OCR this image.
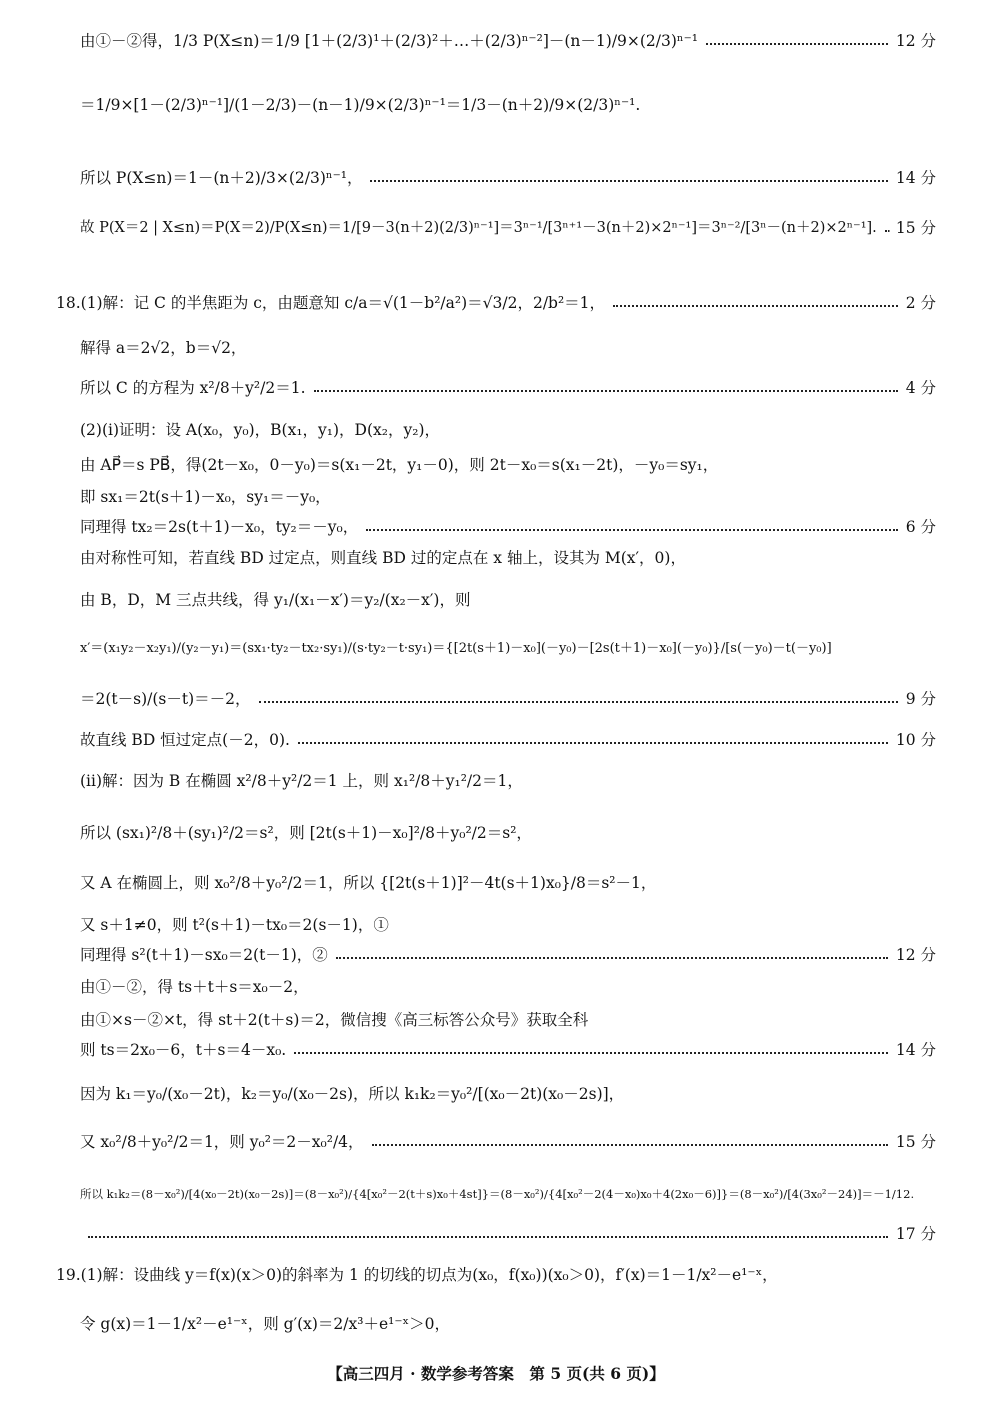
由①－②得，1/3 P(X≤n)＝1/9 [1＋(2/3)¹＋(2/3)²＋…＋(2/3)ⁿ⁻²]－(n－1)/9×(2/3)ⁿ⁻¹	12 分
＝1/9×[1－(2/3)ⁿ⁻¹]/(1－2/3)－(n－1)/9×(2/3)ⁿ⁻¹＝1/3－(n＋2)/9×(2/3)ⁿ⁻¹.
所以 P(X≤n)＝1－(n＋2)/3×(2/3)ⁿ⁻¹，	14 分
故 P(X＝2 | X≤n)＝P(X＝2)/P(X≤n)＝1/[9－3(n＋2)(2/3)ⁿ⁻¹]＝3ⁿ⁻¹/[3ⁿ⁺¹－3(n＋2)×2ⁿ⁻¹]＝3ⁿ⁻²/[3ⁿ－(n＋2)×2ⁿ⁻¹]. 15 分
18.(1)解：记 C 的半焦距为 c，由题意知 c/a＝√(1－b²/a²)＝√3/2，2/b²＝1，	2 分
解得 a＝2√2，b＝√2，
所以 C 的方程为 x²/8＋y²/2＝1.	4 分
(2)(ⅰ)证明：设 A(x₀，y₀)，B(x₁，y₁)，D(x₂，y₂)，
由 AP⃗＝s PB⃗，得(2t－x₀，0－y₀)＝s(x₁－2t，y₁－0)，则 2t－x₀＝s(x₁－2t)，－y₀＝sy₁，
即 sx₁＝2t(s＋1)－x₀，sy₁＝－y₀，
同理得 tx₂＝2s(t＋1)－x₀，ty₂＝－y₀，	6 分
由对称性可知，若直线 BD 过定点，则直线 BD 过的定点在 x 轴上，设其为 M(x′，0)，
由 B，D，M 三点共线，得 y₁/(x₁－x′)＝y₂/(x₂－x′)，则
x′＝(x₁y₂－x₂y₁)/(y₂－y₁)＝(sx₁·ty₂－tx₂·sy₁)/(s·ty₂－t·sy₁)＝{[2t(s＋1)－x₀](－y₀)－[2s(t＋1)－x₀](－y₀)}/[s(－y₀)－t(－y₀)]
＝2(t－s)/(s－t)＝－2，	9 分
故直线 BD 恒过定点(－2，0).	10 分
(ⅱ)解：因为 B 在椭圆 x²/8＋y²/2＝1 上，则 x₁²/8＋y₁²/2＝1，
所以 (sx₁)²/8＋(sy₁)²/2＝s²，则 [2t(s＋1)－x₀]²/8＋y₀²/2＝s²，
又 A 在椭圆上，则 x₀²/8＋y₀²/2＝1，所以 {[2t(s＋1)]²－4t(s＋1)x₀}/8＝s²－1，
又 s＋1≠0，则 t²(s＋1)－tx₀＝2(s－1)，①
同理得 s²(t＋1)－sx₀＝2(t－1)，②	12 分
由①－②，得 ts＋t＋s＝x₀－2，
由①×s－②×t，得 st＋2(t＋s)＝2，微信搜《高三标答公众号》获取全科
则 ts＝2x₀－6，t＋s＝4－x₀.	14 分
因为 k₁＝y₀/(x₀－2t)，k₂＝y₀/(x₀－2s)，所以 k₁k₂＝y₀²/[(x₀－2t)(x₀－2s)]，
又 x₀²/8＋y₀²/2＝1，则 y₀²＝2－x₀²/4，	15 分
所以 k₁k₂＝(8－x₀²)/[4(x₀－2t)(x₀－2s)]＝(8－x₀²)/{4[x₀²－2(t＋s)x₀＋4st]}＝(8－x₀²)/{4[x₀²－2(4－x₀)x₀＋4(2x₀－6)]}＝(8－x₀²)/[4(3x₀²－24)]＝－1/12.
17 分
19.(1)解：设曲线 y＝f(x)(x＞0)的斜率为 1 的切线的切点为(x₀，f(x₀))(x₀＞0)，f′(x)＝1－1/x²－e¹⁻ˣ，
令 g(x)＝1－1/x²－e¹⁻ˣ，则 g′(x)＝2/x³＋e¹⁻ˣ＞0，
【高三四月 · 数学参考答案　第 5 页(共 6 页)】
